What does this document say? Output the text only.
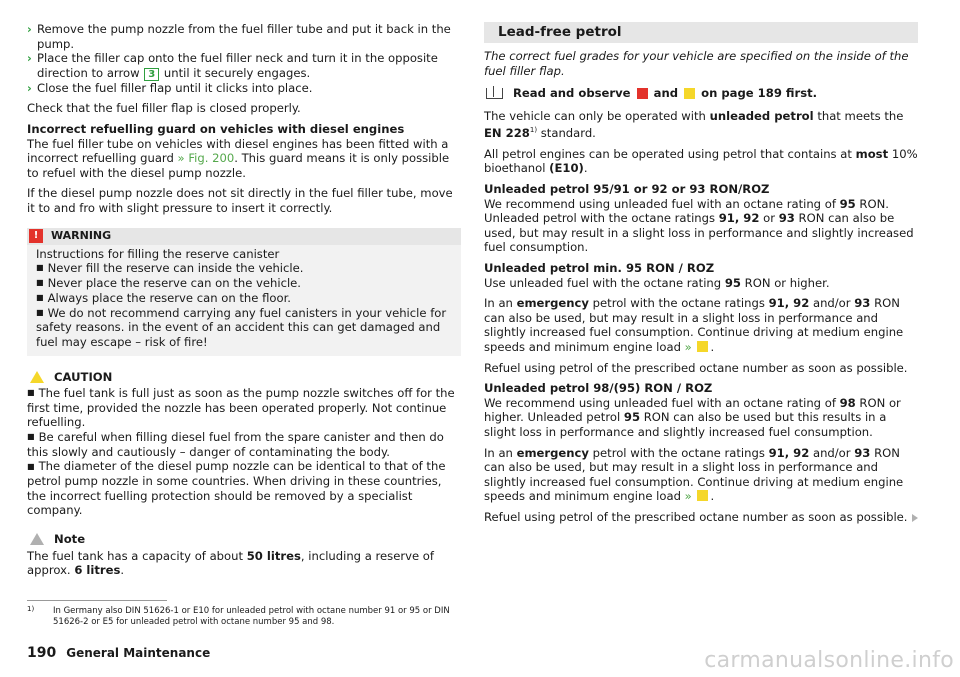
› Remove the pump nozzle from the fuel filler tube and put it back in the pump.

› Place the filler cap onto the fuel filler neck and turn it in the opposite direction to arrow 3 until it securely engages.

› Close the fuel filler flap until it clicks into place.

Check that the fuel filler flap is closed properly.

Incorrect refuelling guard on vehicles with diesel engines
The fuel filler tube on vehicles with diesel engines has been fitted with a incorrect refuelling guard » Fig. 200. This guard means it is only possible to refuel with the diesel pump nozzle.

If the diesel pump nozzle does not sit directly in the fuel filler tube, move it to and fro with slight pressure to insert it correctly.

!	WARNING

Instructions for filling the reserve canister

■ Never fill the reserve can inside the vehicle.

■ Never place the reserve can on the vehicle.

■ Always place the reserve can on the floor.

■ We do not recommend carrying any fuel canisters in your vehicle for safety reasons. in the event of an accident this can get damaged and fuel may escape – risk of fire!

CAUTION

■ The fuel tank is full just as soon as the pump nozzle switches off for the first time, provided the nozzle has been operated properly. Not continue refuelling.

■ Be careful when filling diesel fuel from the spare canister and then do this slowly and cautiously – danger of contaminating the body.

■ The diameter of the diesel pump nozzle can be identical to that of the petrol pump nozzle in some countries. When driving in these countries, the incorrect fuelling protection should be removed by a specialist company.

Note

The fuel tank has a capacity of about 50 litres, including a reserve of approx. 6 litres.

Lead-free petrol

The correct fuel grades for your vehicle are specified on the inside of the fuel filler flap.

Read and observe

and

on page 189 first.

The vehicle can only be operated with unleaded petrol that meets the EN 228$^{1)}$ standard.

All petrol engines can be operated using petrol that contains at most 10% bioethanol (E10).

Unleaded petrol 95/91 or 92 or 93 RON/ROZ

We recommend using unleaded fuel with an octane rating of 95 RON. Unleaded petrol with the octane ratings 91, 92 or 93 RON can also be used, but may result in a slight loss in performance and slightly increased fuel consumption.

Unleaded petrol min. 95 RON / ROZ

Use unleaded fuel with the octane rating 95 RON or higher.

In an emergency petrol with the octane ratings 91, 92 and/or 93 RON can also be used, but may result in a slight loss in performance and slightly increased fuel consumption. Continue driving at medium engine speeds and minimum engine load » .

Refuel using petrol of the prescribed octane number as soon as possible.

Unleaded petrol 98/(95) RON / ROZ

We recommend using unleaded fuel with an octane rating of 98 RON or higher. Unleaded petrol 95 RON can also be used but this results in a slight loss in performance and slightly increased fuel consumption.

In an emergency petrol with the octane ratings 91, 92 and/or 93 RON can also be used, but may result in a slight loss in performance and slightly increased fuel consumption. Continue driving at medium engine speeds and minimum engine load » .

Refuel using petrol of the prescribed octane number as soon as possible.

1)	In Germany also DIN 51626-1 or E10 for unleaded petrol with octane number 91 or 95 or DIN 51626-2 or E5 for unleaded petrol with octane number 95 and 98.
190 General Maintenance	carmanualsonline.info
